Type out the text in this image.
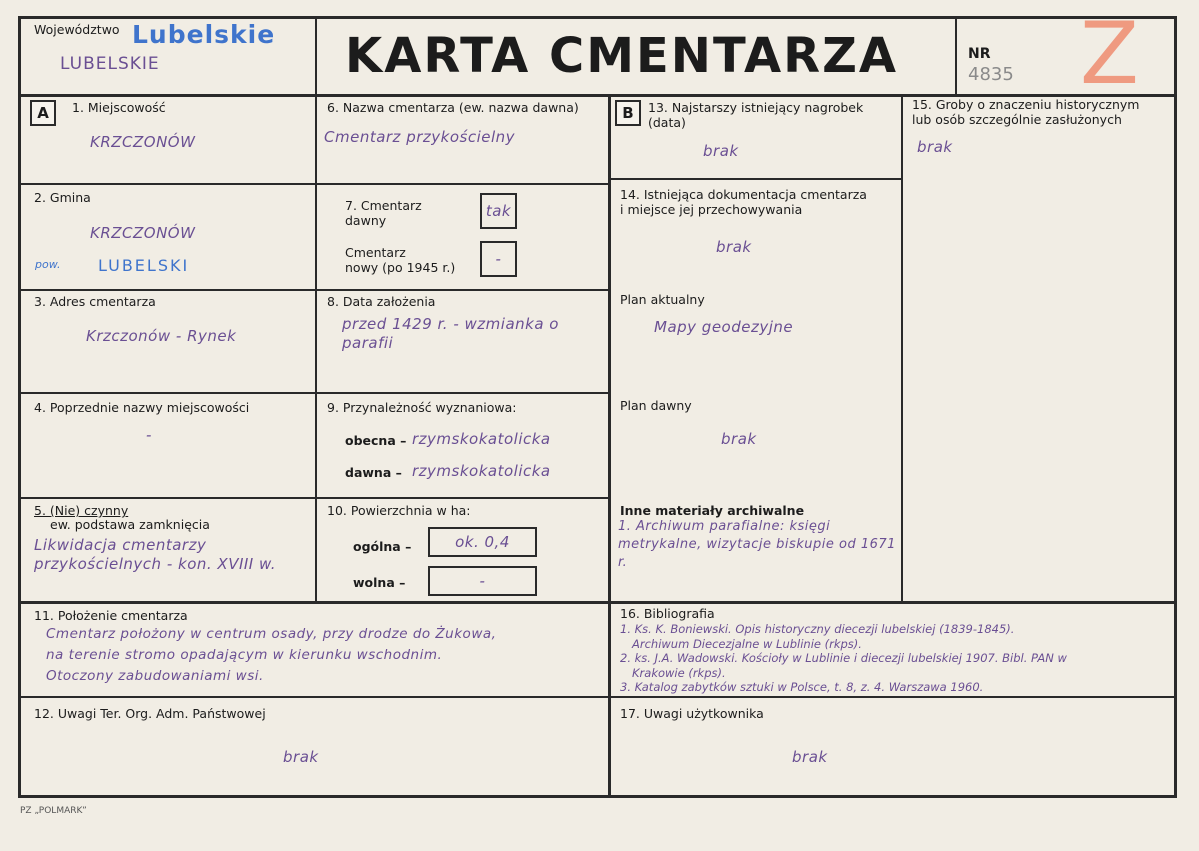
Województwo Lubelskie
LUBELSKIE	KARTA CMENTARZA	NR
4835 Z
A	B
1. Miejscowość
KRZCZONÓW
2. Gmina
KRZCZONÓW
pow. LUBELSKI
3. Adres cmentarza
Krzczonów - Rynek
4. Poprzednie nazwy miejscowości
-
5. (Nie) czynny
ew. podstawa zamknięcia
Likwidacja cmentarzy przykościelnych - kon. XVIII w.
6. Nazwa cmentarza (ew. nazwa dawna)
Cmentarz przykościelny
7. Cmentarz
dawny
tak
Cmentarz
nowy (po 1945 r.)	-
8. Data założenia
przed 1429 r. - wzmianka o parafii
9. Przynależność wyznaniowa:
obecna – rzymskokatolicka
dawna – rzymskokatolicka
10. Powierzchnia w ha:
ogólna –	ok. 0,4
wolna –	-
13. Najstarszy istniejący nagrobek
(data)
brak
14. Istniejąca dokumentacja cmentarza
i miejsce jej przechowywania
brak
Plan aktualny
Mapy geodezyjne
Plan dawny
brak
Inne materiały archiwalne
1. Archiwum parafialne: księgi metrykalne, wizytacje biskupie od 1671 r.
15. Groby o znaczeniu historycznym
lub osób szczególnie zasłużonych
brak
11. Położenie cmentarza
Cmentarz położony w centrum osady, przy drodze do Żukowa,
na terenie stromo opadającym w kierunku wschodnim.
Otoczony zabudowaniami wsi.
16. Bibliografia
1. Ks. K. Boniewski. Opis historyczny diecezji lubelskiej (1839-1845).
Archiwum Diecezjalne w Lublinie (rkps).
2. ks. J.A. Wadowski. Kościoły w Lublinie i diecezji lubelskiej 1907. Bibl. PAN w
Krakowie (rkps).
3. Katalog zabytków sztuki w Polsce, t. 8, z. 4. Warszawa 1960.
12. Uwagi Ter. Org. Adm. Państwowej
brak
17. Uwagi użytkownika
brak
PZ „POLMARK”
